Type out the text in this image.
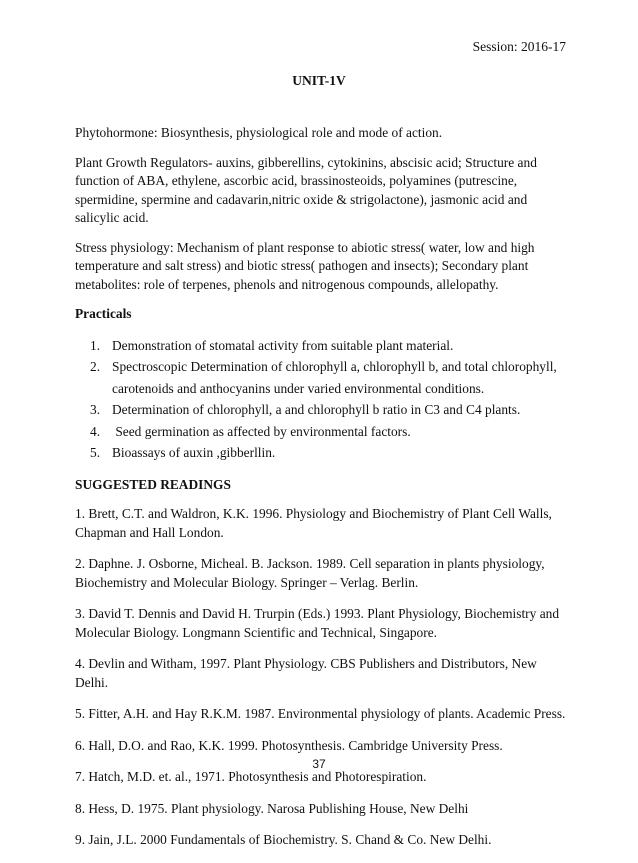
Session: 2016-17
UNIT-1V

Phytohormone: Biosynthesis, physiological role and mode of action.

Plant Growth Regulators- auxins, gibberellins, cytokinins, abscisic acid; Structure and function of ABA, ethylene, ascorbic acid, brassinosteoids, polyamines (putrescine, spermidine, spermine and cadavarin,nitric oxide & strigolactone), jasmonic acid and salicylic acid.

Stress physiology: Mechanism of plant response to abiotic stress( water, low and high temperature and salt stress) and biotic stress( pathogen and insects); Secondary plant metabolites: role of terpenes, phenols and nitrogenous compounds, allelopathy.

Practicals
1. Demonstration of stomatal activity from suitable plant material.
2. Spectroscopic Determination of chlorophyll a, chlorophyll b, and total chlorophyll,
carotenoids and anthocyanins under varied environmental conditions.
3. Determination of chlorophyll, a and chlorophyll b ratio in C3 and C4 plants.
4. Seed germination as affected by environmental factors.
5. Bioassays of auxin ,gibberllin.
SUGGESTED READINGS

1. Brett, C.T. and Waldron, K.K. 1996. Physiology and Biochemistry of Plant Cell Walls, Chapman and Hall London.

2. Daphne. J. Osborne, Micheal. B. Jackson. 1989. Cell separation in plants physiology, Biochemistry and Molecular Biology. Springer – Verlag. Berlin.

3. David T. Dennis and David H. Trurpin (Eds.) 1993. Plant Physiology, Biochemistry and Molecular Biology. Longmann Scientific and Technical, Singapore.

4. Devlin and Witham, 1997. Plant Physiology. CBS Publishers and Distributors, New Delhi.

5. Fitter, A.H. and Hay R.K.M. 1987. Environmental physiology of plants. Academic Press.

6. Hall, D.O. and Rao, K.K. 1999. Photosynthesis. Cambridge University Press.

7. Hatch, M.D. et. al., 1971. Photosynthesis and Photorespiration.

8. Hess, D. 1975. Plant physiology. Narosa Publishing House, New Delhi

9. Jain, J.L. 2000 Fundamentals of Biochemistry. S. Chand & Co. New Delhi.

37
